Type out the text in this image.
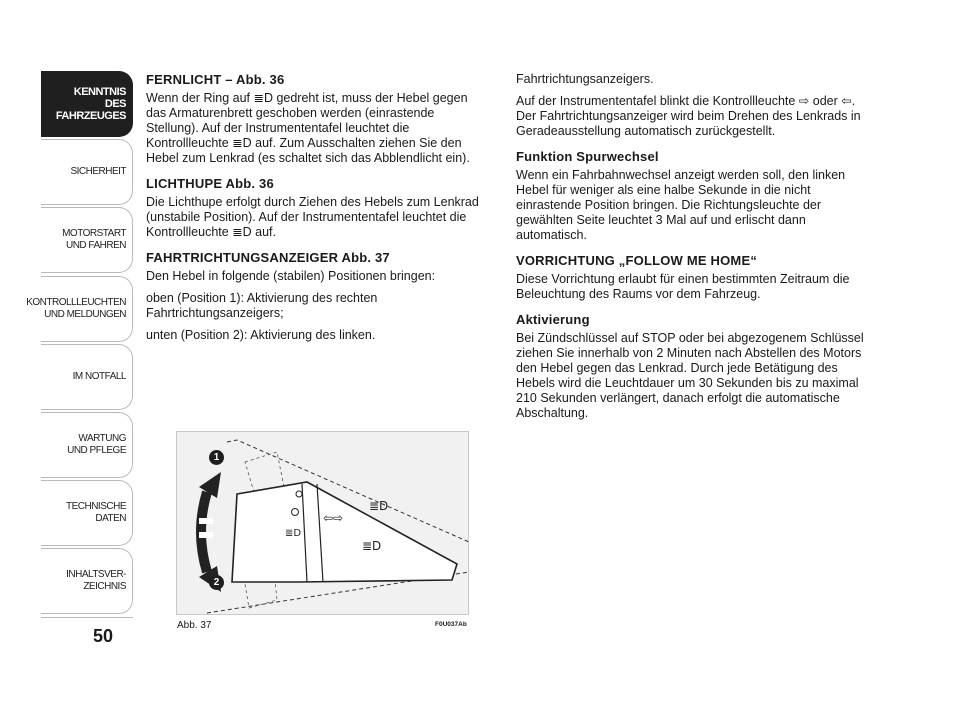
KENNTNIS
DES FAHRZEUGES
SICHERHEIT
MOTORSTART
UND FAHREN
KONTROLLLEUCHTEN
UND MELDUNGEN
IM NOTFALL
WARTUNG
UND PFLEGE
TECHNISCHE
DATEN
INHALTSVER-
ZEICHNIS
50
FERNLICHT – Abb. 36

Wenn der Ring auf ≣D gedreht ist, muss der Hebel gegen das Armaturenbrett geschoben werden (einrastende Stellung). Auf der Instrumententafel leuchtet die Kontrollleuchte ≣D auf. Zum Ausschalten ziehen Sie den Hebel zum Lenkrad (es schaltet sich das Abblendlicht ein).

LICHTHUPE Abb. 36

Die Lichthupe erfolgt durch Ziehen des Hebels zum Lenkrad (unstabile Position). Auf der Instrumententafel leuchtet die Kontrollleuchte ≣D auf.

FAHRTRICHTUNGSANZEIGER Abb. 37

Den Hebel in folgende (stabilen) Positionen bringen:

oben (Position 1): Aktivierung des rechten Fahrtrichtungsanzeigers;

unten (Position 2): Aktivierung des linken.

Fahrtrichtungsanzeigers.

Auf der Instrumententafel blinkt die Kontrollleuchte ⇨ oder ⇦. Der Fahrtrichtungsanzeiger wird beim Drehen des Lenkrads in Geradeausstellung automatisch zurückgestellt.

Funktion Spurwechsel

Wenn ein Fahrbahnwechsel anzeigt werden soll, den linken Hebel für weniger als eine halbe Sekunde in die nicht einrastende Position bringen. Die Richtungsleuchte der gewählten Seite leuchtet 3 Mal auf und erlischt dann automatisch.

VORRICHTUNG „FOLLOW ME HOME“

Diese Vorrichtung erlaubt für einen bestimmten Zeitraum die Beleuchtung des Raums vor dem Fahrzeug.

Aktivierung

Bei Zündschlüssel auf STOP oder bei abgezogenem Schlüssel ziehen Sie innerhalb von 2 Minuten nach Abstellen des Motors den Hebel gegen das Lenkrad. Durch jede Betätigung des Hebels wird die Leuchtdauer um 30 Sekunden bis zu maximal 210 Sekunden verlängert, danach erfolgt die automatische Abschaltung.

≣D
⇦⇨
≣D
≣D
1
2
Abb. 37	F0U037Ab
